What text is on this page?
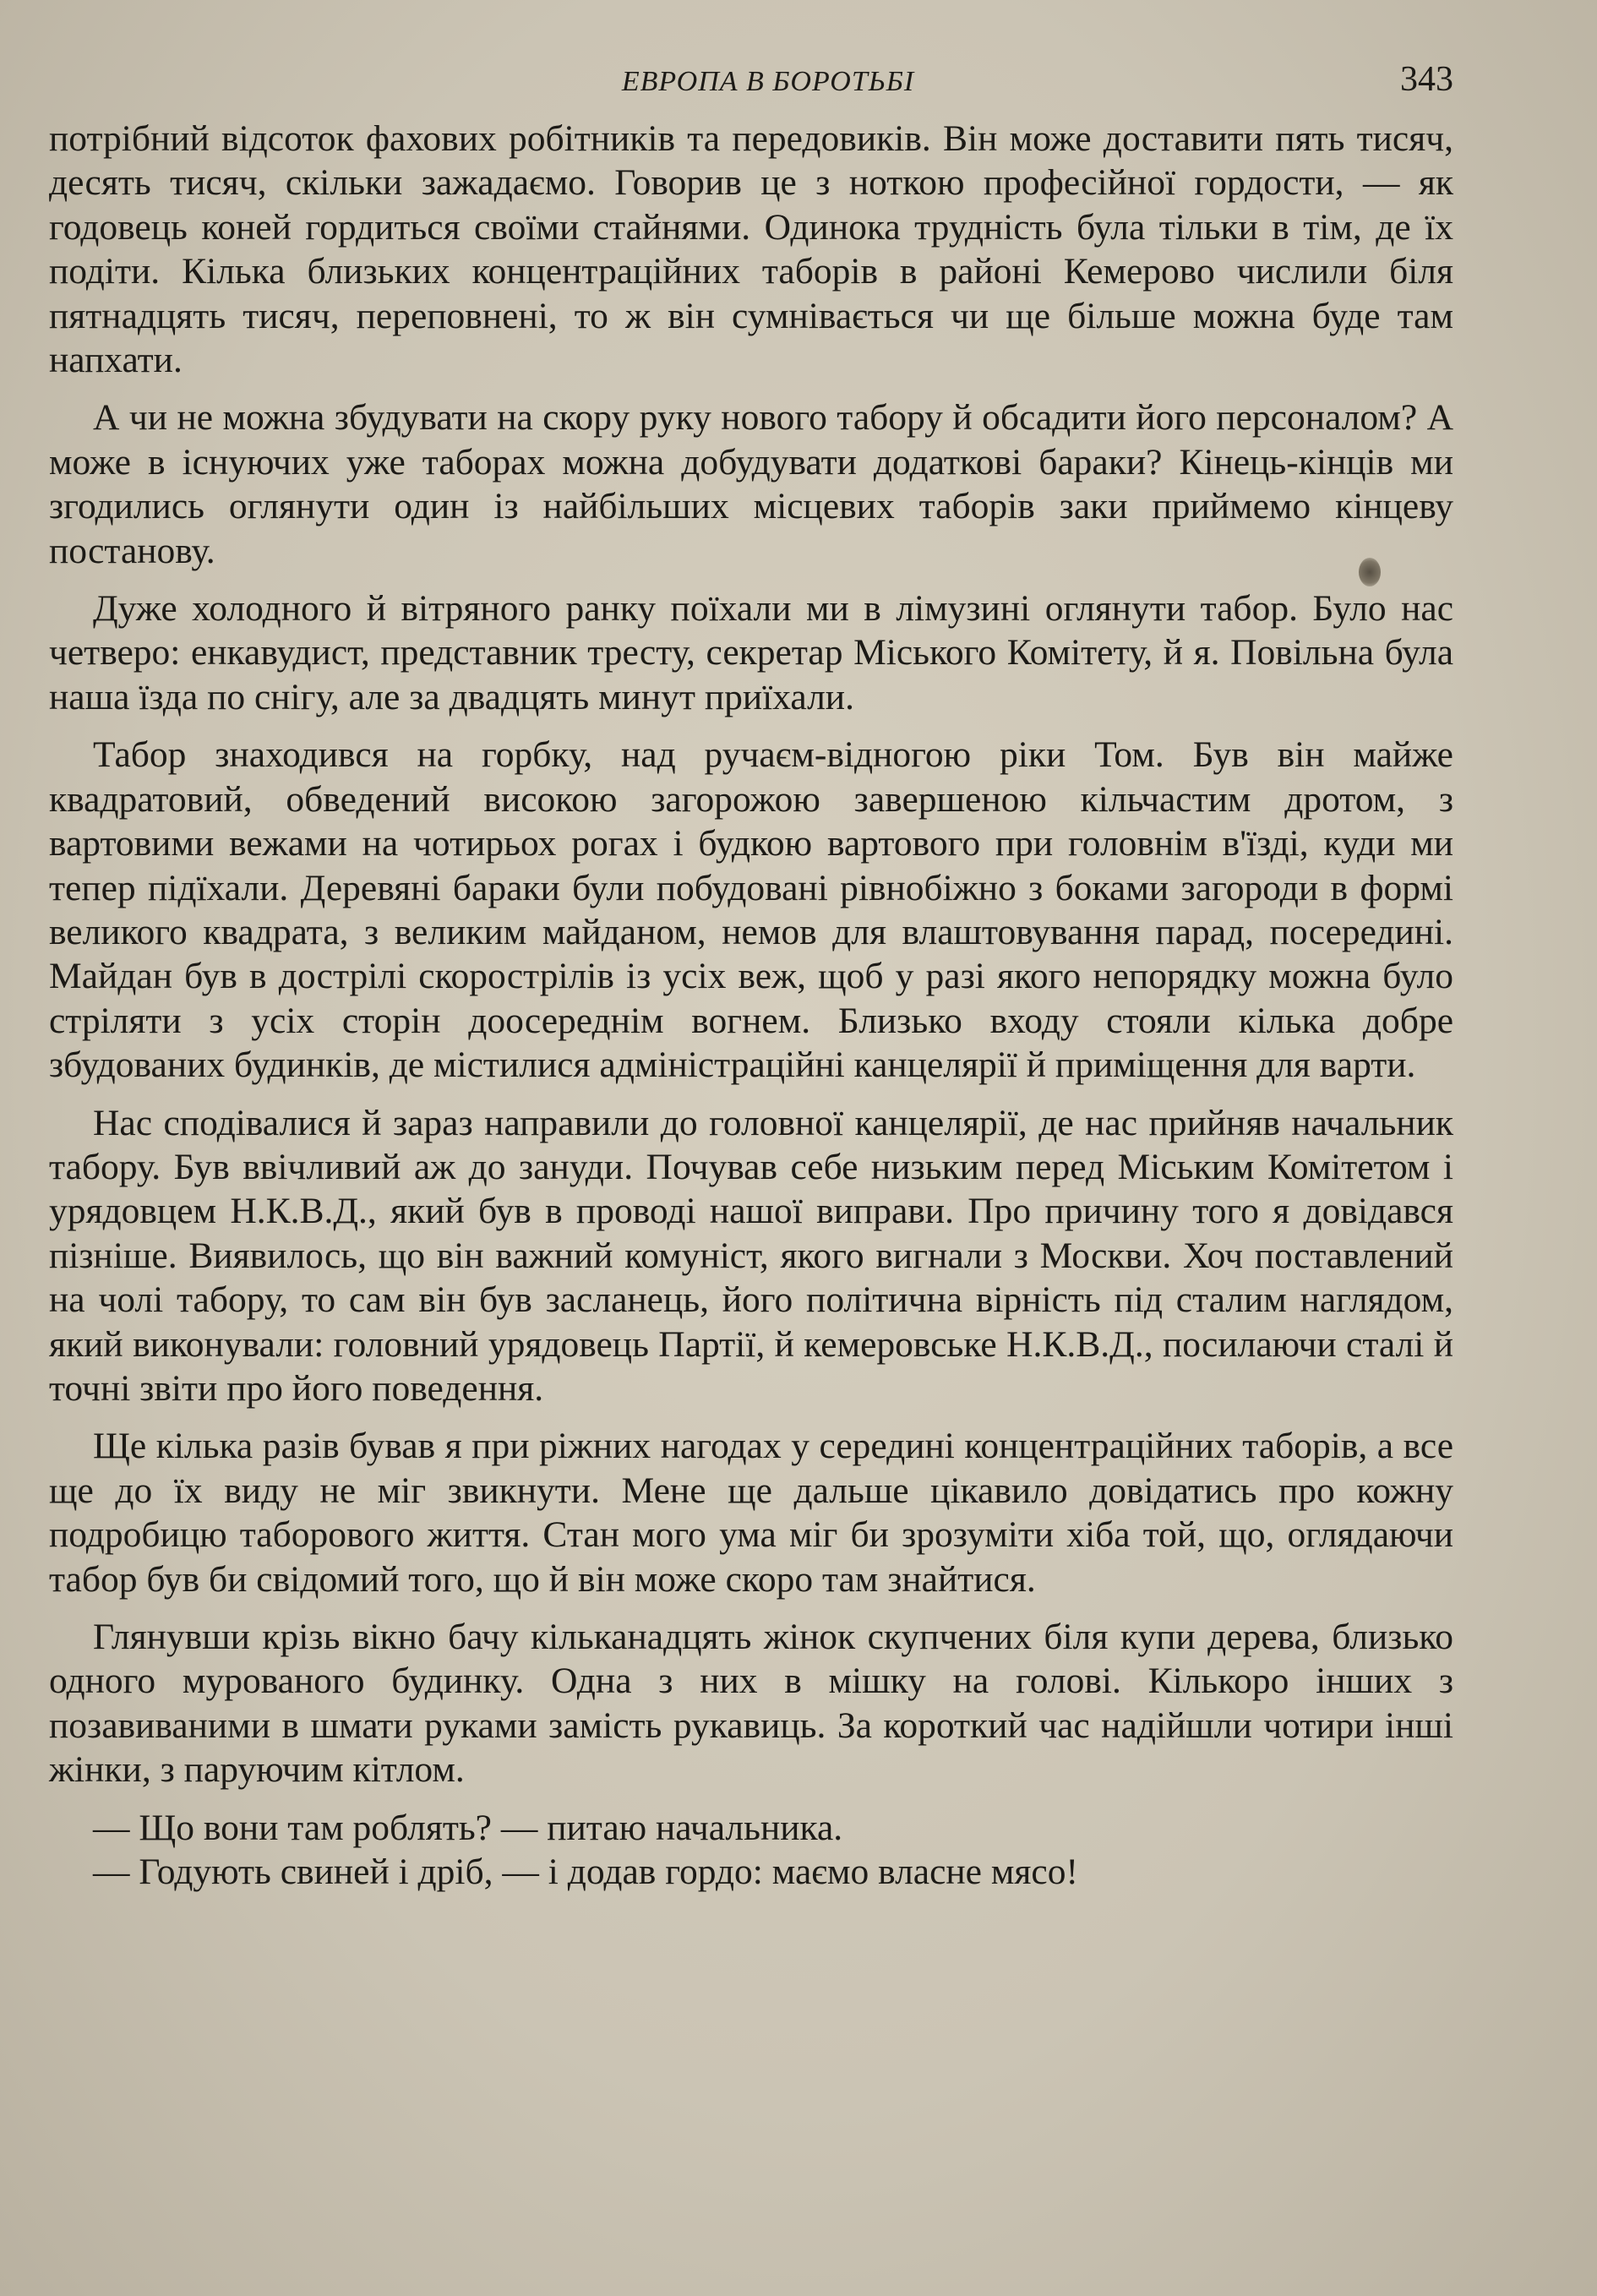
ЕВРОПА В БОРОТЬБІ	343

потрібний відсоток фахових робітників та передовиків. Він може доставити пять тисяч, десять тисяч, скільки зажадаємо. Говорив це з ноткою професійної гордости, — як годовець коней гордиться своїми стайнями. Одинока трудність була тільки в тім, де їх подіти. Кілька близьких концентраційних таборів в районі Кемерово числили біля пятнадцять тисяч, переповнені, то ж він сумнівається чи ще більше можна буде там напхати.

А чи не можна збудувати на скору руку нового табору й обсадити його персоналом? А може в існуючих уже таборах можна добудувати додаткові бараки? Кінець-кінців ми згодились оглянути один із найбільших місцевих таборів заки приймемо кінцеву постанову.

Дуже холодного й вітряного ранку поїхали ми в лімузині оглянути табор. Було нас четверо: енкавудист, представник тресту, секретар Міського Комітету, й я. Повільна була наша їзда по снігу, але за двадцять минут приїхали.

Табор знаходився на горбку, над ручаєм-відногою ріки Том. Був він майже квадратовий, обведений високою загорожою завершеною кільчастим дротом, з вартовими вежами на чотирьох рогах і будкою вартового при головнім в'їзді, куди ми тепер підїхали. Деревяні бараки були побудовані рівнобіжно з боками загороди в формі великого квадрата, з великим майданом, немов для влаштовування парад, посередині. Майдан був в дострілі скорострілів із усіх веж, щоб у разі якого непорядку можна було стріляти з усіх сторін доосереднім вогнем. Близько входу стояли кілька добре збудованих будинків, де містилися адміністраційні канцелярії й приміщення для варти.

Нас сподівалися й зараз направили до головної канцелярії, де нас прийняв начальник табору. Був ввічливий аж до зануди. Почував себе низьким перед Міським Комітетом і урядовцем Н.К.В.Д., який був в проводі нашої виправи. Про причину того я довідався пізніше. Виявилось, що він важний комуніст, якого вигнали з Москви. Хоч поставлений на чолі табору, то сам він був засланець, його політична вірність під сталим наглядом, який виконували: головний урядовець Партії, й кемеровське Н.К.В.Д., посилаючи сталі й точні звіти про його поведення.

Ще кілька разів бував я при ріжних нагодах у середині концентраційних таборів, а все ще до їх виду не міг звикнути. Мене ще дальше цікавило довідатись про кожну подробицю таборового життя. Стан мого ума міг би зрозуміти хіба той, що, оглядаючи табор був би свідомий того, що й він може скоро там знайтися.

Глянувши крізь вікно бачу кільканадцять жінок скупчених біля купи дерева, близько одного мурованого будинку. Одна з них в мішку на голові. Кількоро інших з позавиваними в шмати руками замість рукавиць. За короткий час надійшли чотири інші жінки, з паруючим кітлом.

— Що вони там роблять? — питаю начальника.

— Годують свиней і дріб, — і додав гордо: маємо власне мясо!
